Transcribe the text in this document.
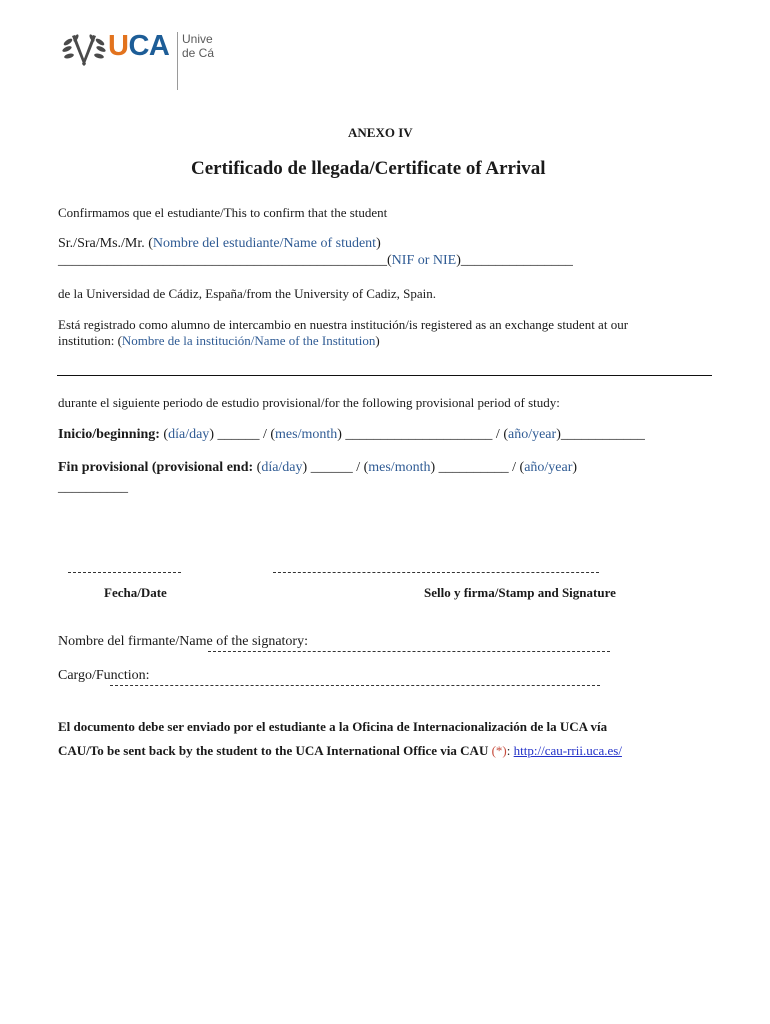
UCA Unive
de Cá
ANEXO IV
Certificado de llegada/Certificate of Arrival
Confirmamos que el estudiante/This to confirm that the student
Sr./Sra/Ms./Mr. (Nombre del estudiante/Name of student)
_______________________________________________(NIF or NIE)________________
de la Universidad de Cádiz, España/from the University of Cadiz, Spain.
Está registrado como alumno de intercambio en nuestra institución/is registered as an exchange student at our
institution: (Nombre de la institución/Name of the Institution)
durante el siguiente periodo de estudio provisional/for the following provisional period of study:
Inicio/beginning: (día/day) ______ / (mes/month) _____________________ / (año/year)____________
Fin provisional (provisional end: (día/day) ______ / (mes/month) __________ / (año/year)
__________
Fecha/Date	Sello y firma/Stamp and Signature
Nombre del firmante/Name of the signatory:
Cargo/Function:
El documento debe ser enviado por el estudiante a la Oficina de Internacionalización de la UCA vía
CAU/To be sent back by the student to the UCA International Office via CAU (*): http://cau-rrii.uca.es/
